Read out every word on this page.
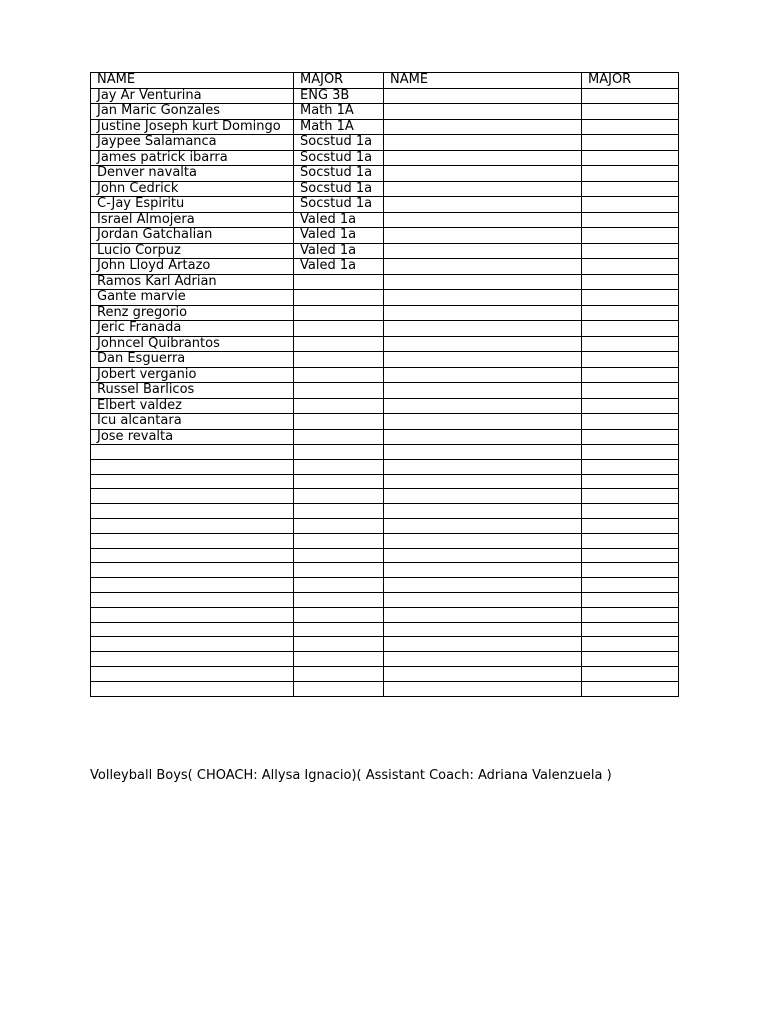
NAME	MAJOR	NAME	MAJOR
Jay Ar Venturina	ENG 3B		
Jan Maric Gonzales	Math 1A		
Justine Joseph kurt Domingo	Math 1A		
Jaypee Salamanca	Socstud 1a		
James patrick ibarra	Socstud 1a		
Denver navalta	Socstud 1a		
John Cedrick	Socstud 1a		
C-Jay Espiritu	Socstud 1a		
Israel Almojera	Valed 1a		
Jordan Gatchalian	Valed 1a		
Lucio Corpuz	Valed 1a		
John Lloyd Artazo	Valed 1a		
Ramos Karl Adrian			
Gante marvie			
Renz gregorio			
Jeric Franada			
Johncel Quibrantos			
Dan Esguerra			
Jobert verganio			
Russel Barlicos			
Elbert valdez			
Icu alcantara			
Jose revalta			

Volleyball Boys( CHOACH: Allysa Ignacio)( Assistant Coach: Adriana Valenzuela )
